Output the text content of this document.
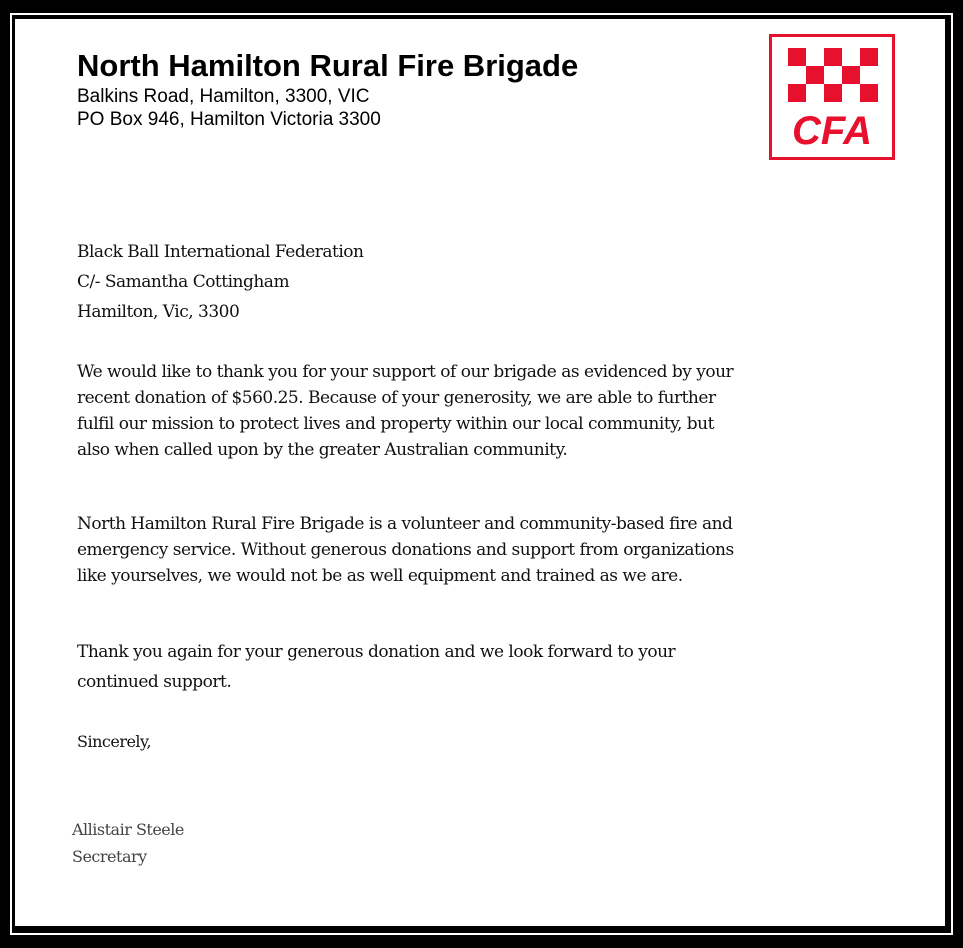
North Hamilton Rural Fire Brigade
Balkins Road, Hamilton, 3300, VIC
PO Box 946, Hamilton Victoria 3300	CFA
Black Ball International Federation
C/- Samantha Cottingham
Hamilton, Vic, 3300
We would like to thank you for your support of our brigade as evidenced by your
recent donation of $560.25. Because of your generosity, we are able to further
fulfil our mission to protect lives and property within our local community, but
also when called upon by the greater Australian community.
North Hamilton Rural Fire Brigade is a volunteer and community-based fire and
emergency service. Without generous donations and support from organizations
like yourselves, we would not be as well equipment and trained as we are.
Thank you again for your generous donation and we look forward to your
continued support.
Sincerely,
Allistair Steele
Secretary
